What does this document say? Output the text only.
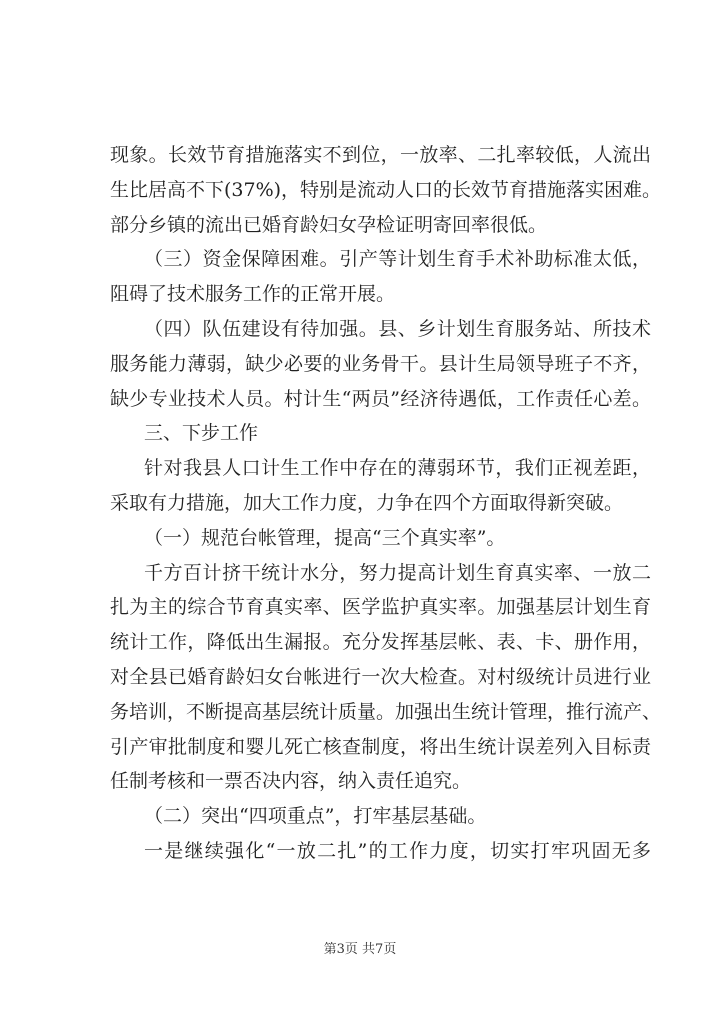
现象。长效节育措施落实不到位，一放率、二扎率较低，人流出
生比居高不下(37%)，特别是流动人口的长效节育措施落实困难。
部分乡镇的流出已婚育龄妇女孕检证明寄回率很低。
（三）资金保障困难。引产等计划生育手术补助标准太低，
阻碍了技术服务工作的正常开展。
（四）队伍建设有待加强。县、乡计划生育服务站、所技术
服务能力薄弱，缺少必要的业务骨干。县计生局领导班子不齐，
缺少专业技术人员。村计生“两员”经济待遇低，工作责任心差。
三、下步工作
针对我县人口计生工作中存在的薄弱环节，我们正视差距，
采取有力措施，加大工作力度，力争在四个方面取得新突破。
（一）规范台帐管理，提高“三个真实率”。
千方百计挤干统计水分，努力提高计划生育真实率、一放二
扎为主的综合节育真实率、医学监护真实率。加强基层计划生育
统计工作，降低出生漏报。充分发挥基层帐、表、卡、册作用，
对全县已婚育龄妇女台帐进行一次大检查。对村级统计员进行业
务培训，不断提高基层统计质量。加强出生统计管理，推行流产、
引产审批制度和婴儿死亡核查制度，将出生统计误差列入目标责
任制考核和一票否决内容，纳入责任追究。
（二）突出“四项重点”，打牢基层基础。
一是继续强化“一放二扎”的工作力度，切实打牢巩固无多
第3页 共7页
